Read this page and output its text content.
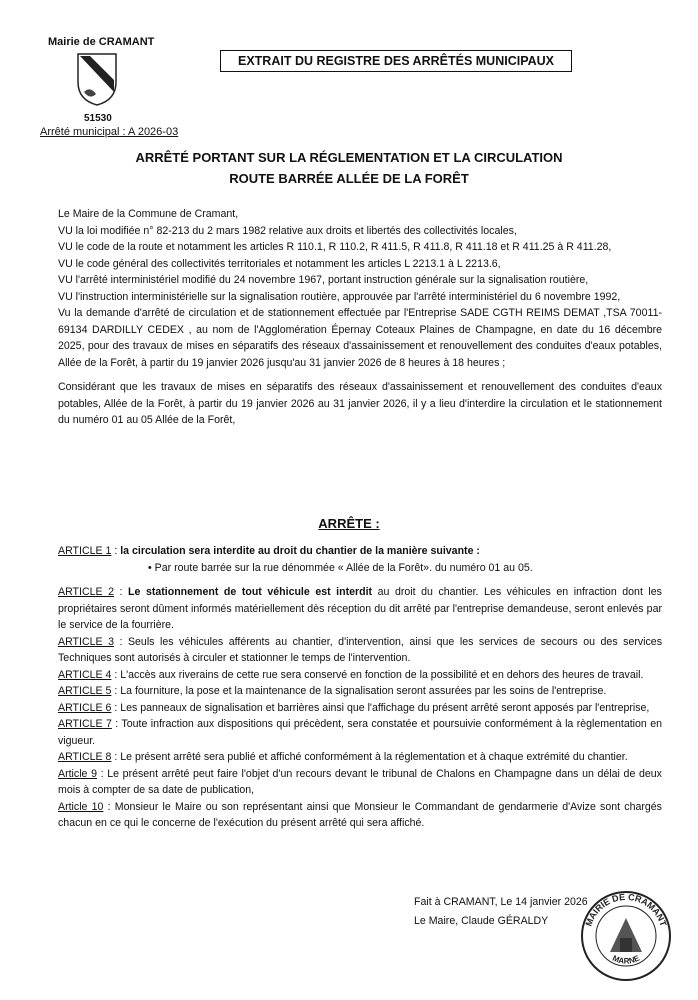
Mairie de CRAMANT
51530
Arrêté municipal : A 2026-03
EXTRAIT DU REGISTRE DES ARRÊTÉS MUNICIPAUX
ARRÊTÉ PORTANT SUR LA RÉGLEMENTATION ET LA CIRCULATION
ROUTE BARRÉE ALLÉE DE LA FORÊT

Le Maire de la Commune de Cramant,

VU la loi modifiée n° 82-213 du 2 mars 1982 relative aux droits et libertés des collectivités locales,

VU le code de la route et notamment les articles R 110.1, R 110.2, R 411.5, R 411.8, R 411.18 et R 411.25 à R 411.28,

VU le code général des collectivités territoriales et notamment les articles L 2213.1 à L 2213.6,

VU l'arrêté interministériel modifié du 24 novembre 1967, portant instruction générale sur la signalisation routière,

VU l'instruction interministérielle sur la signalisation routière, approuvée par l'arrêté interministériel du 6 novembre 1992,

Vu la demande d'arrêté de circulation et de stationnement effectuée par l'Entreprise SADE CGTH REIMS DEMAT ,TSA 70011-69134 DARDILLY CEDEX , au nom de l'Agglomération Épernay Coteaux Plaines de Champagne, en date du 16 décembre 2025, pour des travaux de mises en séparatifs des réseaux d'assainissement et renouvellement des conduites d'eaux potables, Allée de la Forêt, à partir du 19 janvier 2026 jusqu'au 31 janvier 2026 de 8 heures à 18 heures ;

Considérant que les travaux de mises en séparatifs des réseaux d'assainissement et renouvellement des conduites d'eaux potables, Allée de la Forêt, à partir du 19 janvier 2026 au 31 janvier 2026, il y a lieu d'interdire la circulation et le stationnement du numéro 01 au 05 Allée de la Forêt,

ARRÊTE :

ARTICLE 1 : la circulation sera interdite au droit du chantier de la manière suivante :

• Par route barrée sur la rue dénommée « Allée de la Forêt». du numéro 01 au 05.

ARTICLE 2 : Le stationnement de tout véhicule est interdit au droit du chantier. Les véhicules en infraction dont les propriétaires seront dûment informés matériellement dès réception du dit arrêté par l'entreprise demandeuse, seront enlevés par le service de la fourrière.

ARTICLE 3 : Seuls les véhicules afférents au chantier, d'intervention, ainsi que les services de secours ou des services Techniques sont autorisés à circuler et stationner le temps de l'intervention.

ARTICLE 4 : L'accès aux riverains de cette rue sera conservé en fonction de la possibilité et en dehors des heures de travail.

ARTICLE 5 : La fourniture, la pose et la maintenance de la signalisation seront assurées par les soins de l'entreprise.

ARTICLE 6 : Les panneaux de signalisation et barrières ainsi que l'affichage du présent arrêté seront apposés par l'entreprise,

ARTICLE 7 : Toute infraction aux dispositions qui précèdent, sera constatée et poursuivie conformément à la règlementation en vigueur.

ARTICLE 8 : Le présent arrêté sera publié et affiché conformément à la réglementation et à chaque extrémité du chantier.

Article 9 : Le présent arrêté peut faire l'objet d'un recours devant le tribunal de Chalons en Champagne dans un délai de deux mois à compter de sa date de publication,

Article 10 : Monsieur le Maire ou son représentant ainsi que Monsieur le Commandant de gendarmerie d'Avize sont chargés chacun en ce qui le concerne de l'exécution du présent arrêté qui sera affiché.

Fait à CRAMANT, Le 14 janvier 2026
Le Maire, Claude GÉRALDY	MAIRIE DE CRAMANT
MARNE
